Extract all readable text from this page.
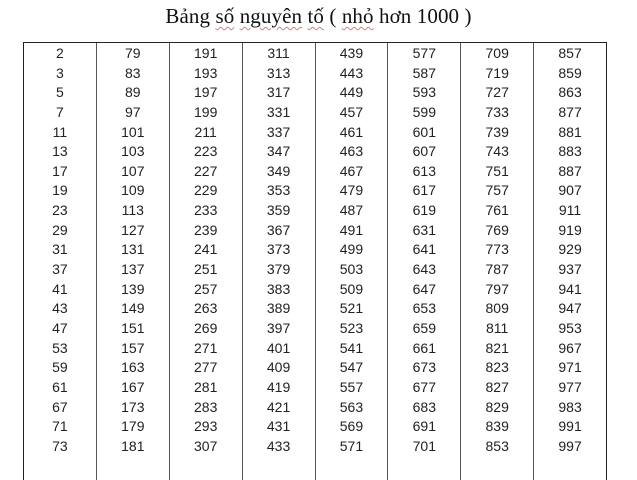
Bảng số nguyên tố ( nhỏ hơn 1000 )
2
3
5
7
11
13
17
19
23
29
31
37
41
43
47
53
59
61
67
71
73
79
83
89
97
101
103
107
109
113
127
131
137
139
149
151
157
163
167
173
179
181
191
193
197
199
211
223
227
229
233
239
241
251
257
263
269
271
277
281
283
293
307
311
313
317
331
337
347
349
353
359
367
373
379
383
389
397
401
409
419
421
431
433
439
443
449
457
461
463
467
479
487
491
499
503
509
521
523
541
547
557
563
569
571
577
587
593
599
601
607
613
617
619
631
641
643
647
653
659
661
673
677
683
691
701
709
719
727
733
739
743
751
757
761
769
773
787
797
809
811
821
823
827
829
839
853
857
859
863
877
881
883
887
907
911
919
929
937
941
947
953
967
971
977
983
991
997
